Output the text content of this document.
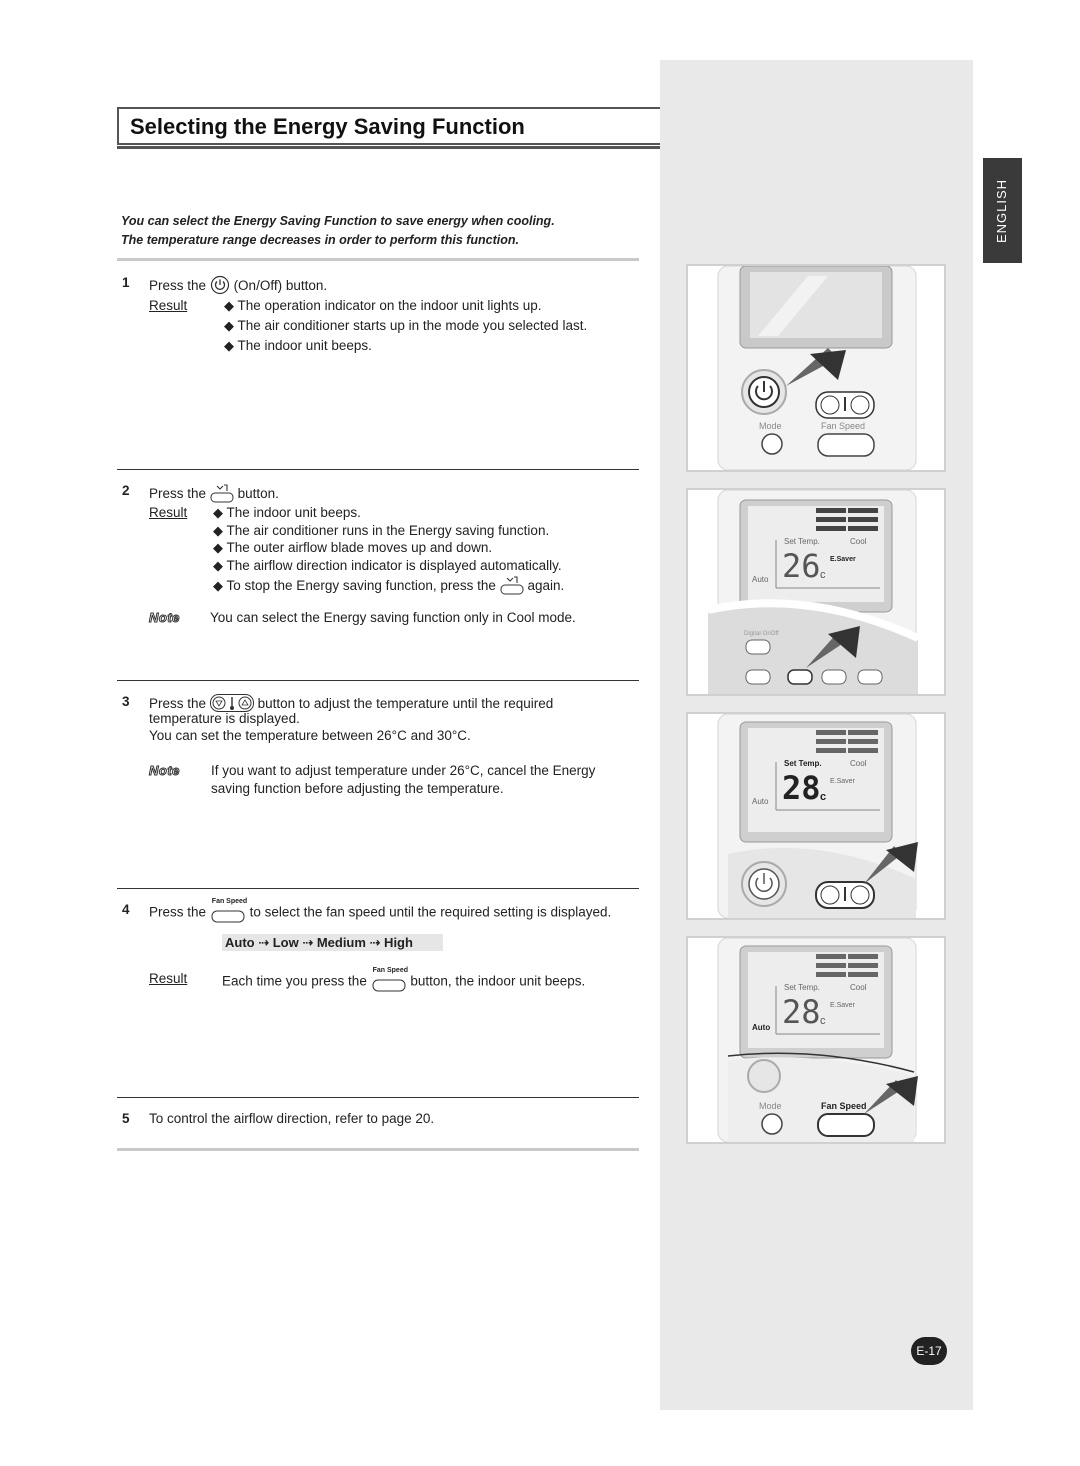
Selecting the Energy Saving Function
ENGLISH
You can select the Energy Saving Function to save energy when cooling.
The temperature range decreases in order to perform this function.
1 Press the (On/Off) button.
Result	◆ The operation indicator on the indoor unit lights up.
◆ The air conditioner starts up in the mode you selected last.
◆ The indoor unit beeps.
2 Press the button.
Result ◆ The indoor unit beeps.
◆ The air conditioner runs in the Energy saving function.
◆ The outer airflow blade moves up and down.
◆ The airflow direction indicator is displayed automatically.
◆ To stop the Energy saving function, press the again.
Note You can select the Energy saving function only in Cool mode.
3 Press the	button to adjust the temperature until the required
temperature is displayed.
You can set the temperature between 26°C and 30°C.
Note If you want to adjust temperature under 26°C, cancel the Energy
saving function before adjusting the temperature.
4 Press the
Fan Speed
to select the fan speed until the required setting is displayed.
Auto ⇢ Low ⇢ Medium ⇢ High
Result	Each time you press the
Fan Speed
button, the indoor unit beeps.
5 To control the airflow direction, refer to page 20.
Mode	Fan Speed
Set Temp.	Cool
E.Saver
Auto 26 c
Digital·OnOff
Set Temp.	Cool
E.Saver
Auto 28 c
Set Temp.	Cool
E.Saver
Auto 28 c
Mode	Fan Speed
E-17
